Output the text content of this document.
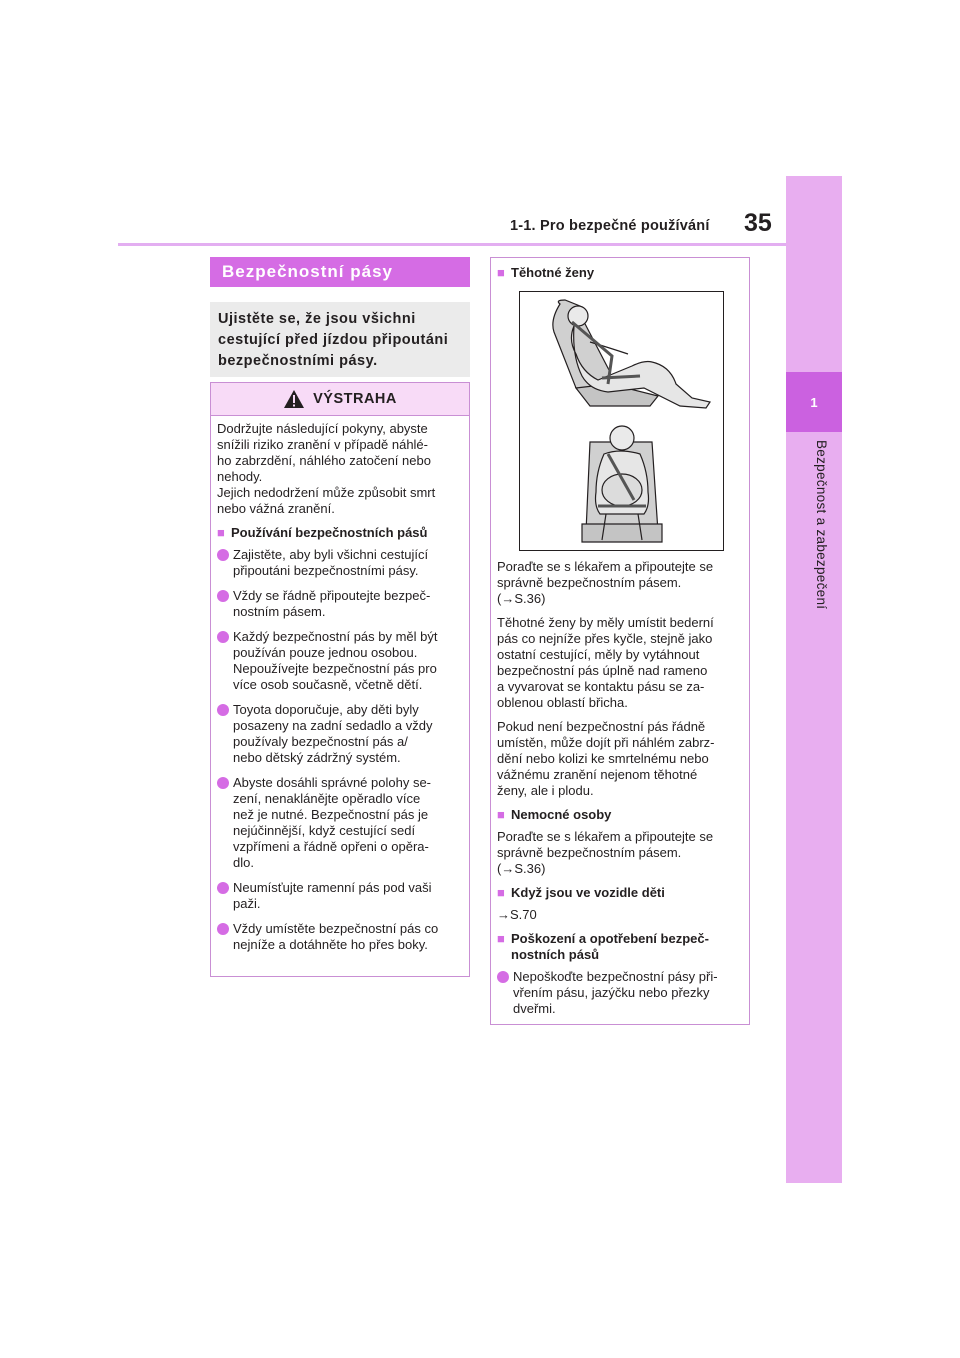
1-1. Pro bezpečné používání 35
1
Bezpečnost a zabezpečení
Bezpečnostní pásy
Ujistěte se, že jsou všichni
cestující před jízdou připoutáni
bezpečnostními pásy.
VÝSTRAHA
Dodržujte následující pokyny, abyste
snížili riziko zranění v případě náhlé-
ho zabrzdění, náhlého zatočení nebo
nehody.
Jejich nedodržení může způsobit smrt
nebo vážná zranění.
■ Používání bezpečnostních pásů
Zajistěte, aby byli všichni cestující
připoutáni bezpečnostními pásy.
Vždy se řádně připoutejte bezpeč-
nostním pásem.
Každý bezpečnostní pás by měl být
používán pouze jednou osobou.
Nepoužívejte bezpečnostní pás pro
více osob současně, včetně dětí.
Toyota doporučuje, aby děti byly
posazeny na zadní sedadlo a vždy
používaly bezpečnostní pás a/
nebo dětský zádržný systém.
Abyste dosáhli správné polohy se-
zení, nenaklánějte opěradlo více
než je nutné. Bezpečnostní pás je
nejúčinnější, když cestující sedí
vzpřímeni a řádně opřeni o opěra-
dlo.
Neumísťujte ramenní pás pod vaši
paži.
Vždy umístěte bezpečnostní pás co
nejníže a dotáhněte ho přes boky.
■ Těhotné ženy
Poraďte se s lékařem a připoutejte se
správně bezpečnostním pásem.
(→S.36)
Těhotné ženy by měly umístit bederní
pás co nejníže přes kyčle, stejně jako
ostatní cestující, měly by vytáhnout
bezpečnostní pás úplně nad rameno
a vyvarovat se kontaktu pásu se za-
oblenou oblastí břicha.
Pokud není bezpečnostní pás řádně
umístěn, může dojít při náhlém zabrz-
dění nebo kolizi ke smrtelnému nebo
vážnému zranění nejenom těhotné
ženy, ale i plodu.
■ Nemocné osoby
Poraďte se s lékařem a připoutejte se
správně bezpečnostním pásem.
(→S.36)
■ Když jsou ve vozidle děti
→S.70
■ Poškození a opotřebení bezpeč-
nostních pásů
Nepoškoďte bezpečnostní pásy při-
vřením pásu, jazýčku nebo přezky
dveřmi.
